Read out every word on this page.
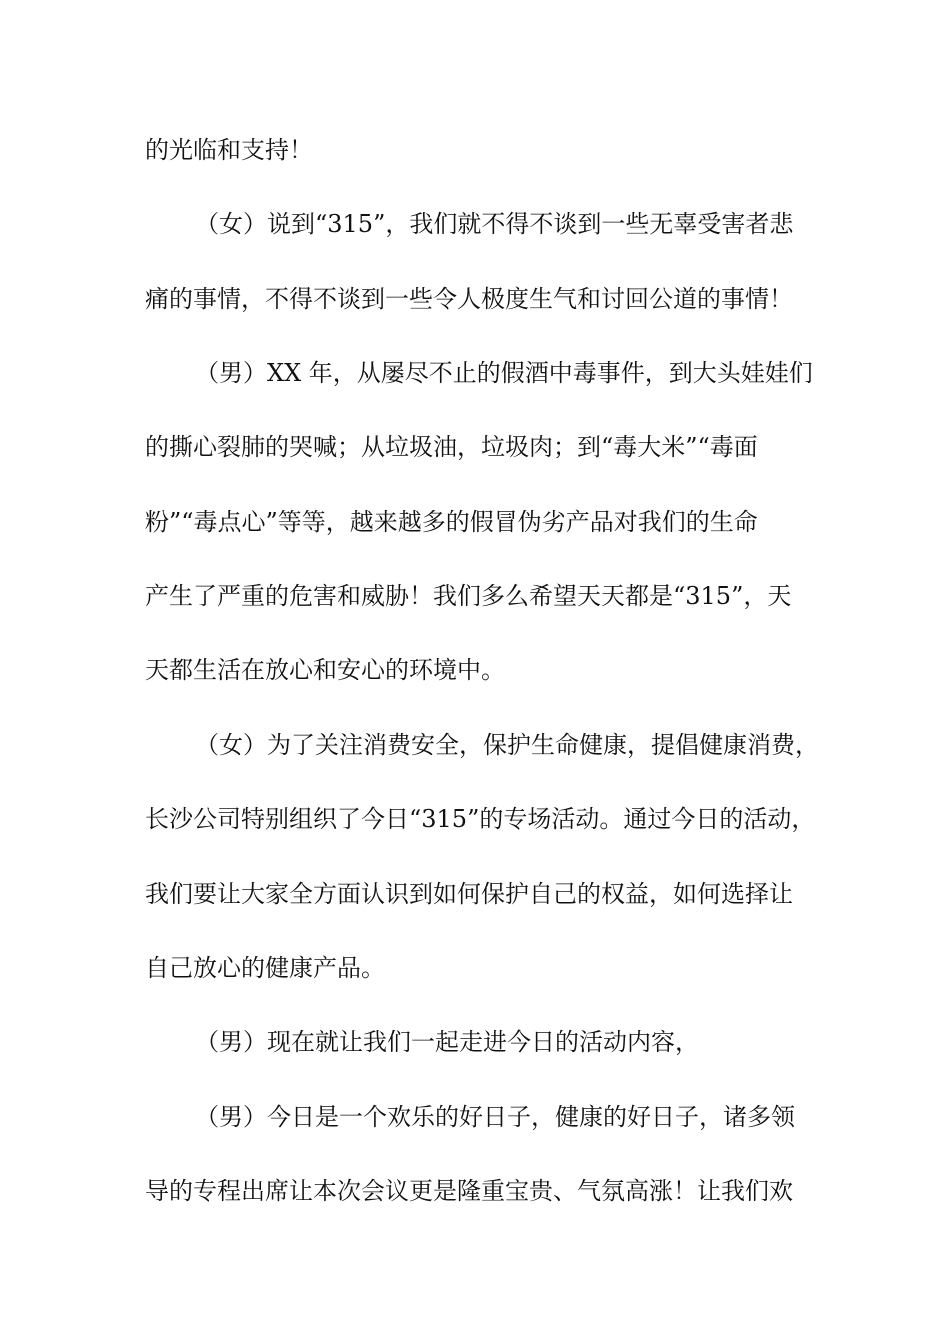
的光临和支持！
（女）说到“315”，我们就不得不谈到一些无辜受害者悲
痛的事情，不得不谈到一些令人极度生气和讨回公道的事情！
（男）XX 年，从屡尽不止的假酒中毒事件，到大头娃娃们
的撕心裂肺的哭喊；从垃圾油，垃圾肉；到“毒大米”“毒面
粉”“毒点心”等等，越来越多的假冒伪劣产品对我们的生命
产生了严重的危害和威胁！我们多么希望天天都是“315”，天
天都生活在放心和安心的环境中。
（女）为了关注消费安全，保护生命健康，提倡健康消费，
长沙公司特别组织了今日“315”的专场活动。通过今日的活动，
我们要让大家全方面认识到如何保护自己的权益，如何选择让
自己放心的健康产品。
（男）现在就让我们一起走进今日的活动内容，
（男）今日是一个欢乐的好日子，健康的好日子，诸多领
导的专程出席让本次会议更是隆重宝贵、气氛高涨！让我们欢
